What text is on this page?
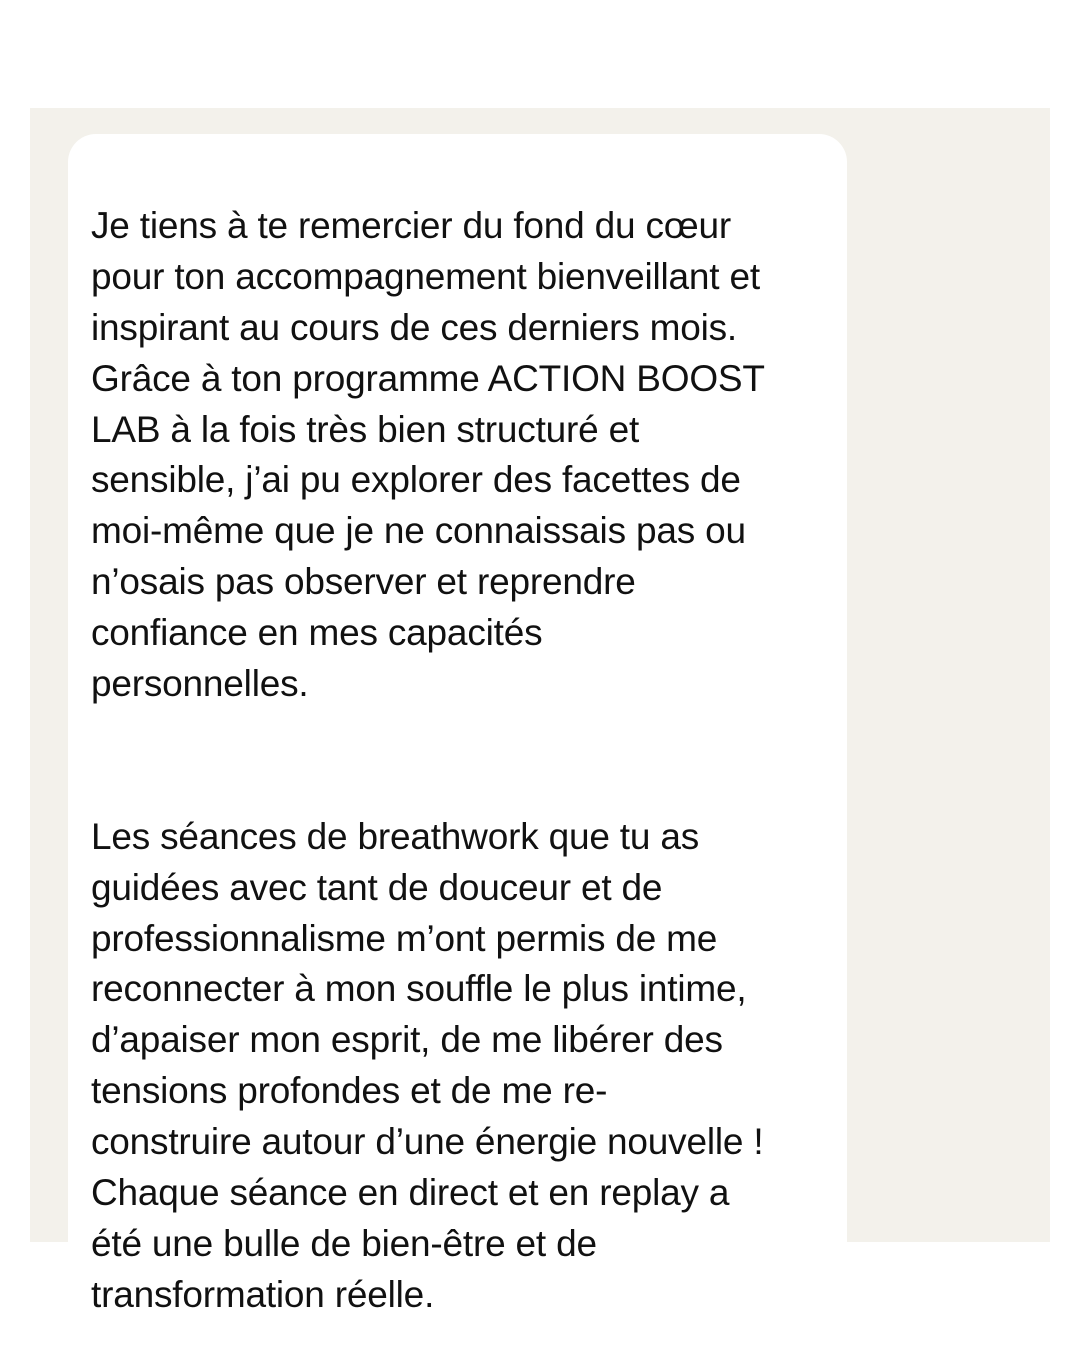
Je tiens à te remercier du fond du cœur
pour ton accompagnement bienveillant et
inspirant au cours de ces derniers mois.
Grâce à ton programme ACTION BOOST
LAB à la fois très bien structuré et
sensible, j’ai pu explorer des facettes de
moi-même que je ne connaissais pas ou
n’osais pas observer et reprendre
confiance en mes capacités
personnelles.

Les séances de breathwork que tu as
guidées avec tant de douceur et de
professionnalisme m’ont permis de me
reconnecter à mon souffle le plus intime,
d’apaiser mon esprit, de me libérer des
tensions profondes et de me re-
construire autour d’une énergie nouvelle !
Chaque séance en direct et en replay a
été une bulle de bien-être et de
transformation réelle.
